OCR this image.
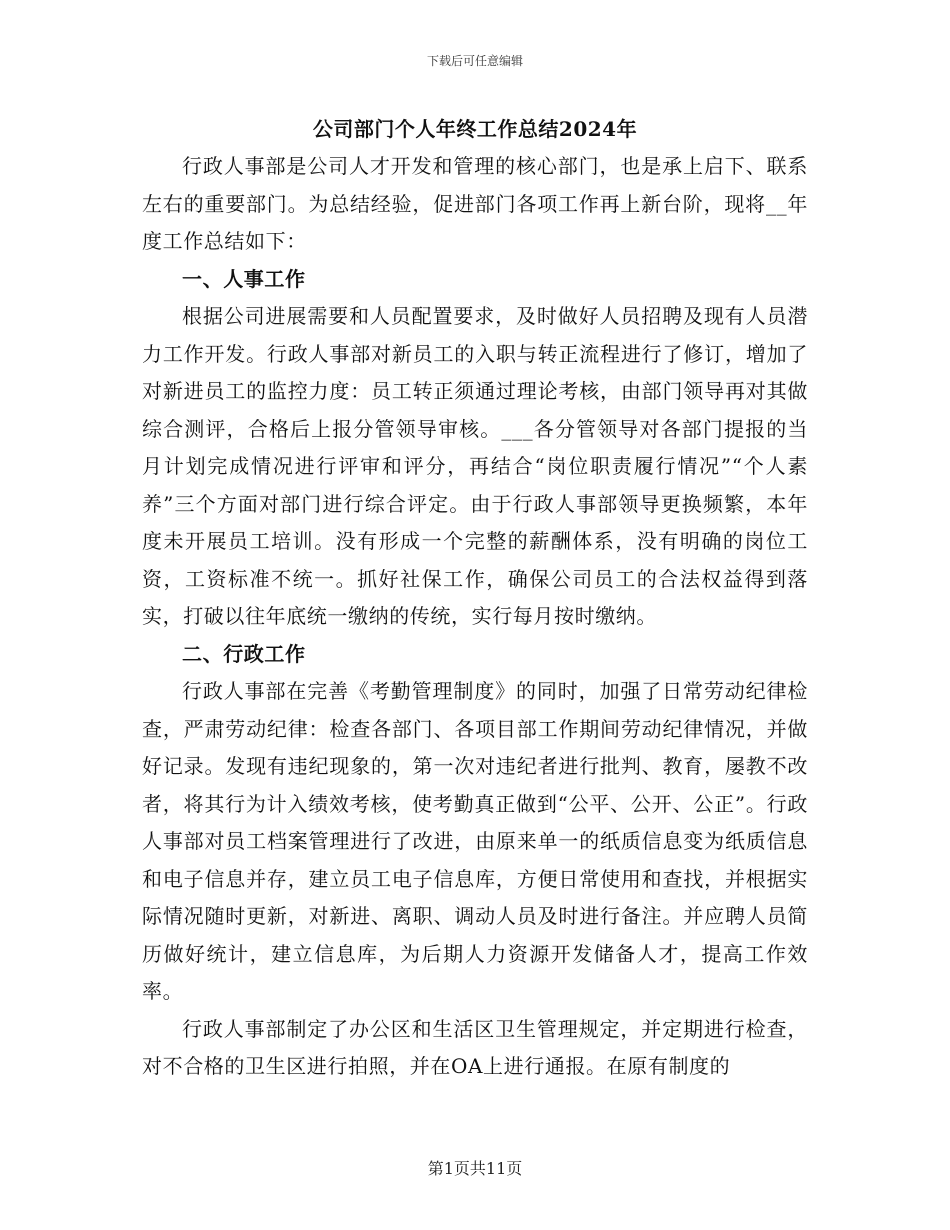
下载后可任意编辑
公司部门个人年终工作总结2024年

行政人事部是公司人才开发和管理的核心部门，也是承上启下、联系左右的重要部门。为总结经验，促进部门各项工作再上新台阶，现将__年度工作总结如下：

一、人事工作

根据公司进展需要和人员配置要求，及时做好人员招聘及现有人员潜力工作开发。行政人事部对新员工的入职与转正流程进行了修订，增加了对新进员工的监控力度：员工转正须通过理论考核，由部门领导再对其做综合测评，合格后上报分管领导审核。___各分管领导对各部门提报的当月计划完成情况进行评审和评分，再结合“岗位职责履行情况”“个人素养”三个方面对部门进行综合评定。由于行政人事部领导更换频繁，本年度未开展员工培训。没有形成一个完整的薪酬体系，没有明确的岗位工资，工资标准不统一。抓好社保工作，确保公司员工的合法权益得到落实，打破以往年底统一缴纳的传统，实行每月按时缴纳。

二、行政工作

行政人事部在完善《考勤管理制度》的同时，加强了日常劳动纪律检查，严肃劳动纪律：检查各部门、各项目部工作期间劳动纪律情况，并做好记录。发现有违纪现象的，第一次对违纪者进行批判、教育，屡教不改者，将其行为计入绩效考核，使考勤真正做到“公平、公开、公正”。行政人事部对员工档案管理进行了改进，由原来单一的纸质信息变为纸质信息和电子信息并存，建立员工电子信息库，方便日常使用和查找，并根据实际情况随时更新，对新进、离职、调动人员及时进行备注。并应聘人员简历做好统计，建立信息库，为后期人力资源开发储备人才，提高工作效率。

行政人事部制定了办公区和生活区卫生管理规定，并定期进行检查，对不合格的卫生区进行拍照，并在OA上进行通报。在原有制度的

第1页共11页
